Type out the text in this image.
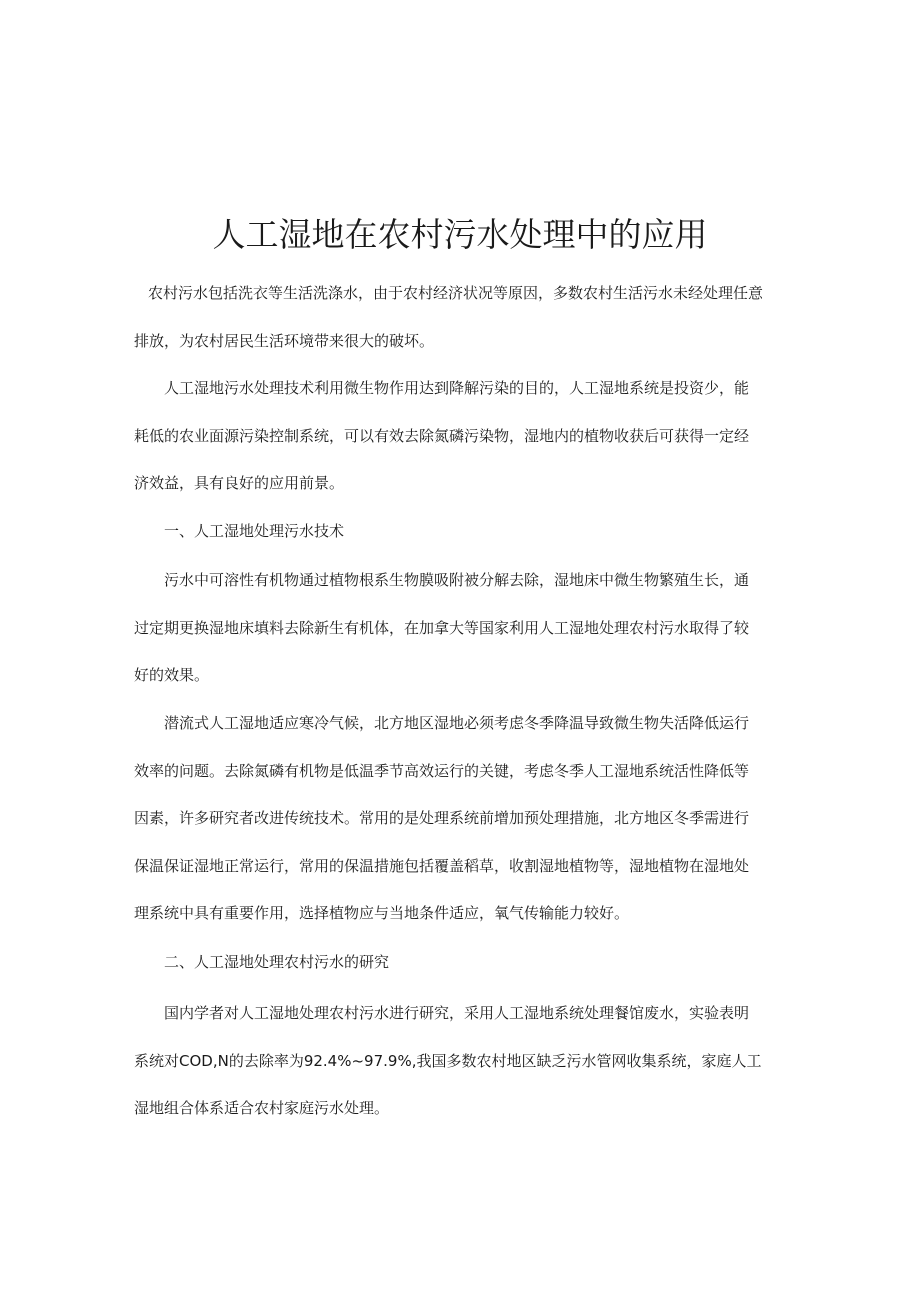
人工湿地在农村污水处理中的应用
农村污水包括洗衣等生活洗涤水，由于农村经济状况等原因，多数农村生活污水未经处理任意
排放，为农村居民生活环境带来很大的破坏。
人工湿地污水处理技术利用微生物作用达到降解污染的目的，人工湿地系统是投资少，能
耗低的农业面源污染控制系统，可以有效去除氮磷污染物，湿地内的植物收获后可获得一定经
济效益，具有良好的应用前景。
一、人工湿地处理污水技术
污水中可溶性有机物通过植物根系生物膜吸附被分解去除，湿地床中微生物繁殖生长，通
过定期更换湿地床填料去除新生有机体，在加拿大等国家利用人工湿地处理农村污水取得了较
好的效果。
潜流式人工湿地适应寒冷气候，北方地区湿地必须考虑冬季降温导致微生物失活降低运行
效率的问题。去除氮磷有机物是低温季节高效运行的关键，考虑冬季人工湿地系统活性降低等
因素，许多研究者改进传统技术。常用的是处理系统前增加预处理措施，北方地区冬季需进行
保温保证湿地正常运行，常用的保温措施包括覆盖稻草，收割湿地植物等，湿地植物在湿地处
理系统中具有重要作用，选择植物应与当地条件适应，氧气传输能力较好。
二、人工湿地处理农村污水的研究
国内学者对人工湿地处理农村污水进行研究，采用人工湿地系统处理餐馆废水，实验表明
系统对COD,N的去除率为92.4%~97.9%,我国多数农村地区缺乏污水管网收集系统，家庭人工
湿地组合体系适合农村家庭污水处理。
